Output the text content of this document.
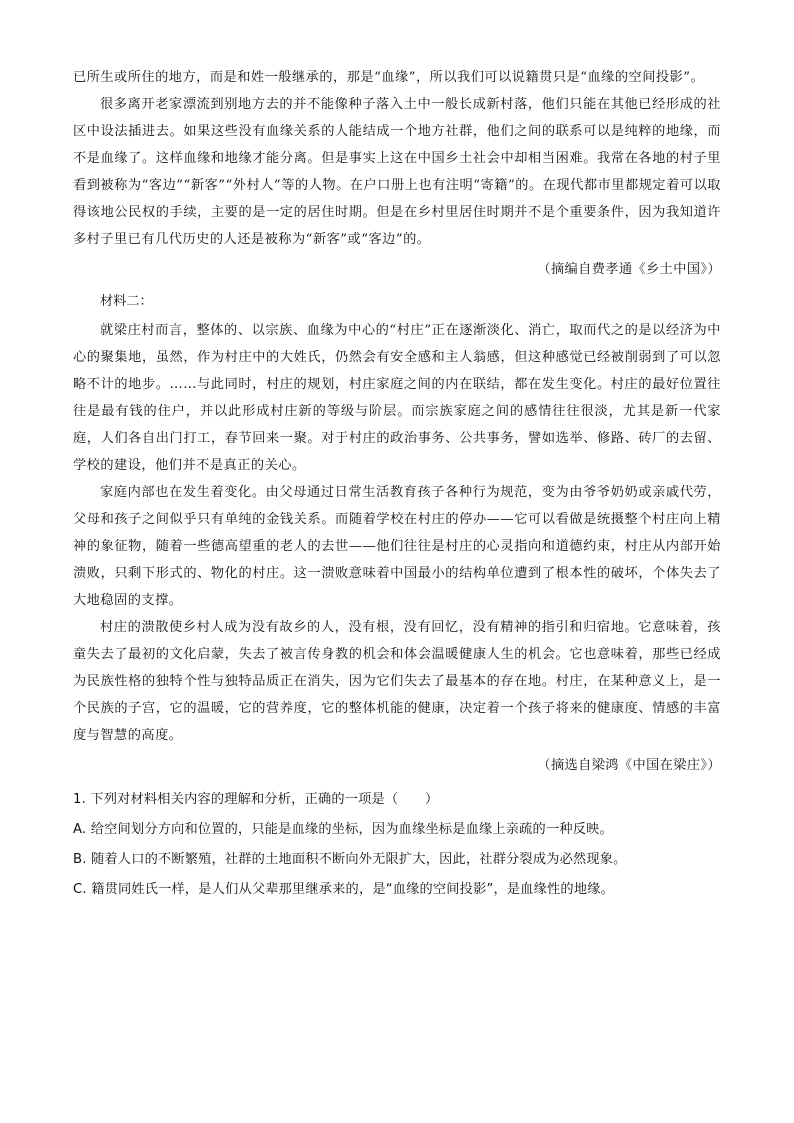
已所生或所住的地方，而是和姓一般继承的，那是“血缘”，所以我们可以说籍贯只是“血缘的空间投影”。

很多离开老家漂流到别地方去的并不能像种子落入土中一般长成新村落，他们只能在其他已经形成的社区中设法插进去。如果这些没有血缘关系的人能结成一个地方社群，他们之间的联系可以是纯粹的地缘，而不是血缘了。这样血缘和地缘才能分离。但是事实上这在中国乡土社会中却相当困难。我常在各地的村子里看到被称为“客边”“新客”“外村人”等的人物。在户口册上也有注明“寄籍”的。在现代都市里都规定着可以取得该地公民权的手续，主要的是一定的居住时期。但是在乡村里居住时期并不是个重要条件，因为我知道许多村子里已有几代历史的人还是被称为“新客”或“客边”的。

（摘编自费孝通《乡土中国》）

材料二：

就梁庄村而言，整体的、以宗族、血缘为中心的“村庄”正在逐渐淡化、消亡，取而代之的是以经济为中心的聚集地，虽然，作为村庄中的大姓氏，仍然会有安全感和主人翁感，但这种感觉已经被削弱到了可以忽略不计的地步。……与此同时，村庄的规划，村庄家庭之间的内在联结，都在发生变化。村庄的最好位置往往是最有钱的住户，并以此形成村庄新的等级与阶层。而宗族家庭之间的感情往往很淡，尤其是新一代家庭，人们各自出门打工，春节回来一聚。对于村庄的政治事务、公共事务，譬如选举、修路、砖厂的去留、学校的建设，他们并不是真正的关心。

家庭内部也在发生着变化。由父母通过日常生活教育孩子各种行为规范，变为由爷爷奶奶或亲戚代劳，父母和孩子之间似乎只有单纯的金钱关系。而随着学校在村庄的停办——它可以看做是统摄整个村庄向上精神的象征物，随着一些德高望重的老人的去世——他们往往是村庄的心灵指向和道德约束，村庄从内部开始溃败，只剩下形式的、物化的村庄。这一溃败意味着中国最小的结构单位遭到了根本性的破坏，个体失去了大地稳固的支撑。

村庄的溃散使乡村人成为没有故乡的人，没有根，没有回忆，没有精神的指引和归宿地。它意味着，孩童失去了最初的文化启蒙，失去了被言传身教的机会和体会温暖健康人生的机会。它也意味着，那些已经成为民族性格的独特个性与独特品质正在消失，因为它们失去了最基本的存在地。村庄，在某种意义上，是一个民族的子宫，它的温暖，它的营养度，它的整体机能的健康，决定着一个孩子将来的健康度、情感的丰富度与智慧的高度。

（摘选自梁鸿《中国在梁庄》）

1. 下列对材料相关内容的理解和分析，正确的一项是（　　）

A. 给空间划分方向和位置的，只能是血缘的坐标，因为血缘坐标是血缘上亲疏的一种反映。

B. 随着人口的不断繁殖，社群的土地面积不断向外无限扩大，因此，社群分裂成为必然现象。

C. 籍贯同姓氏一样，是人们从父辈那里继承来的，是“血缘的空间投影”，是血缘性的地缘。
